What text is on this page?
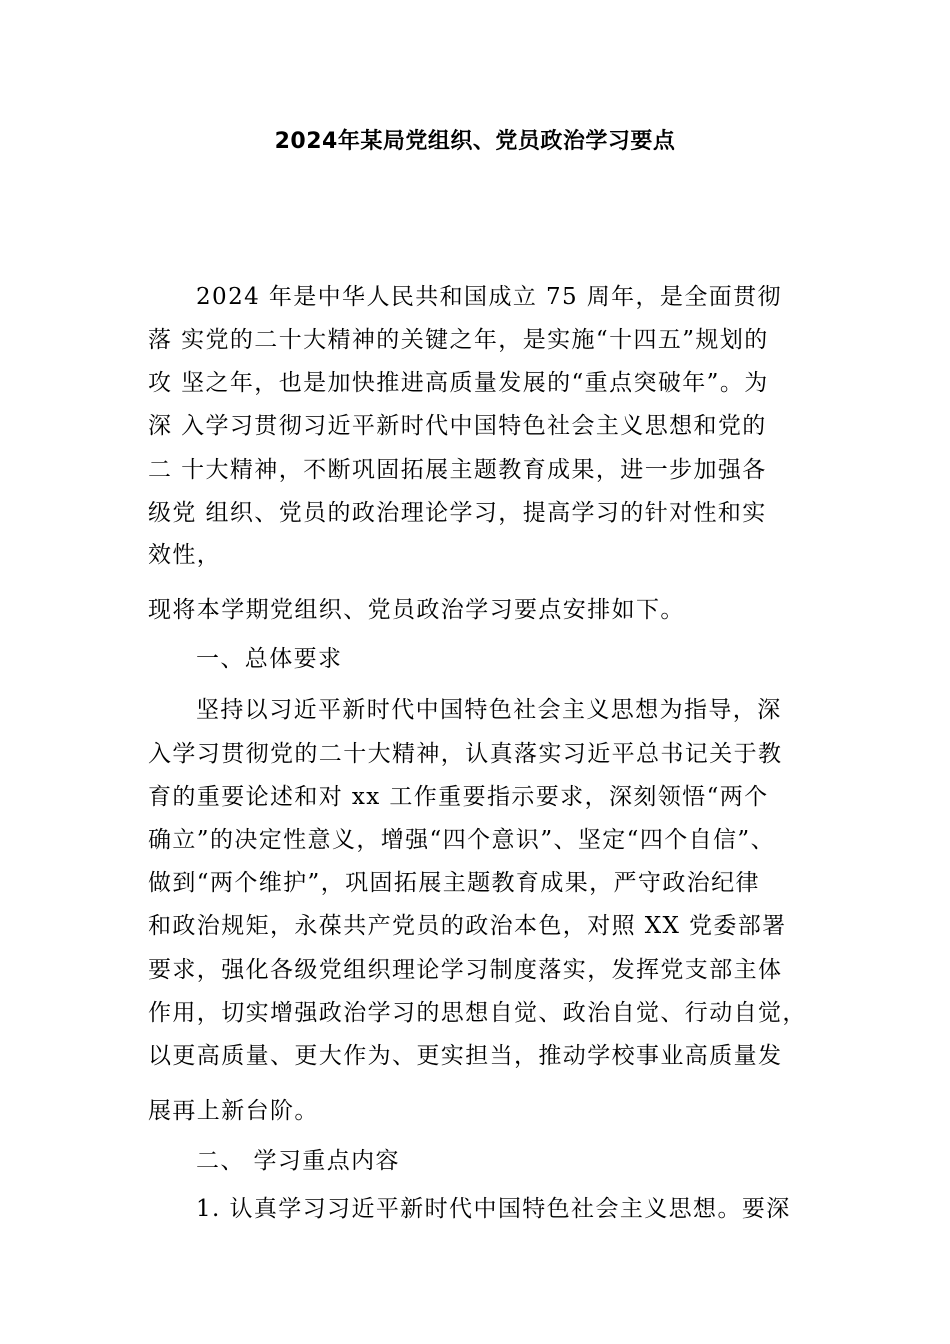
2024年某局党组织、党员政治学习要点
2024 年是中华人民共和国成立 75 周年，是全面贯彻
落 实党的二十大精神的关键之年，是实施“十四五”规划的
攻 坚之年，也是加快推进高质量发展的“重点突破年”。为
深 入学习贯彻习近平新时代中国特色社会主义思想和党的
二 十大精神，不断巩固拓展主题教育成果，进一步加强各
级党 组织、党员的政治理论学习，提高学习的针对性和实
效性，
现将本学期党组织、党员政治学习要点安排如下。
一、总体要求
坚持以习近平新时代中国特色社会主义思想为指导，深
入学习贯彻党的二十大精神，认真落实习近平总书记关于教
育的重要论述和对 xx 工作重要指示要求，深刻领悟“两个
确立”的决定性意义，增强“四个意识”、坚定“四个自信”、
做到“两个维护”，巩固拓展主题教育成果，严守政治纪律
和政治规矩，永葆共产党员的政治本色，对照 XX 党委部署
要求，强化各级党组织理论学习制度落实，发挥党支部主体
作用，切实增强政治学习的思想自觉、政治自觉、行动自觉，
以更高质量、更大作为、更实担当，推动学校事业高质量发
展再上新台阶。
二、 学习重点内容
1. 认真学习习近平新时代中国特色社会主义思想。要深
